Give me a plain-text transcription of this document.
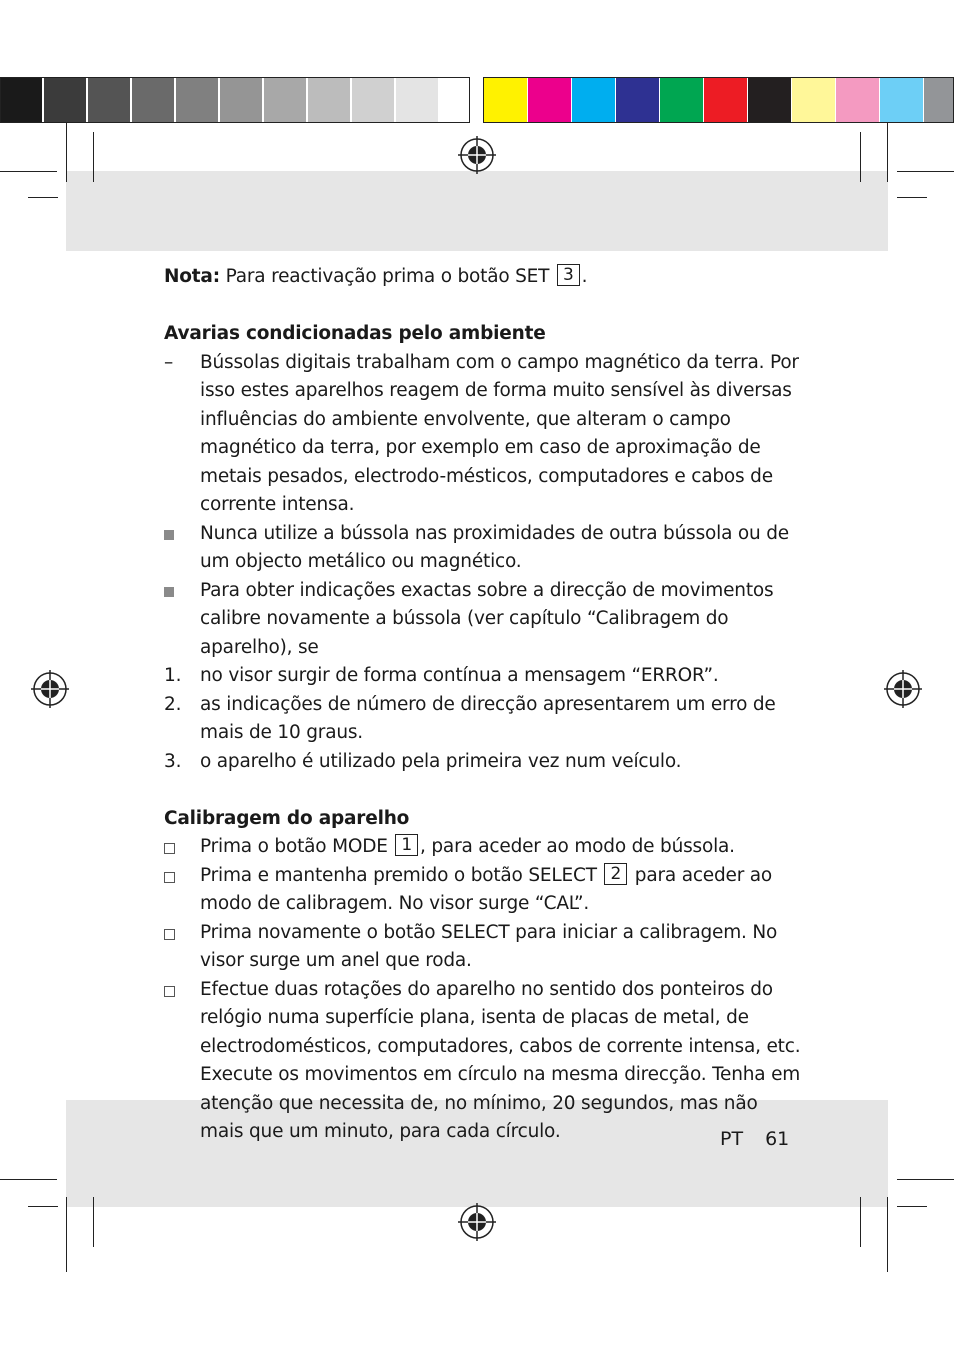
Nota: Para reactivação prima o botão SET 3 .

Avarias condicionadas pelo ambiente

–	Bússolas digitais trabalham com o campo magnético da terra. Por isso estes aparelhos reagem de forma muito sensível às diversas influências do ambiente envolvente, que alteram o campo magnético da terra, por exemplo em caso de aproximação de metais pesados, electrodo-mésticos, computadores e cabos de corrente intensa.

Nunca utilize a bússola nas proximidades de outra bússola ou de um objecto metálico ou magnético.

Para obter indicações exactas sobre a direcção de movimentos calibre novamente a bússola (ver capítulo “Calibragem do aparelho), se

1.	no visor surgir de forma contínua a mensagem “ERROR”.

2.	as indicações de número de direcção apresentarem um erro de mais de 10 graus.

3.	o aparelho é utilizado pela primeira vez num veículo.

Calibragem do aparelho

Prima o botão MODE 1 , para aceder ao modo de bússola.

Prima e mantenha premido o botão SELECT 2 para aceder ao modo de calibragem. No visor surge “CAL”.

Prima novamente o botão SELECT para iniciar a calibragem. No visor surge um anel que roda.

Efectue duas rotações do aparelho no sentido dos ponteiros do relógio numa superfície plana, isenta de placas de metal, de electrodomésticos, computadores, cabos de corrente intensa, etc. Execute os movimentos em círculo na mesma direcção. Tenha em atenção que necessita de, no mínimo, 20 segundos, mas não mais que um minuto, para cada círculo.	PT 61
